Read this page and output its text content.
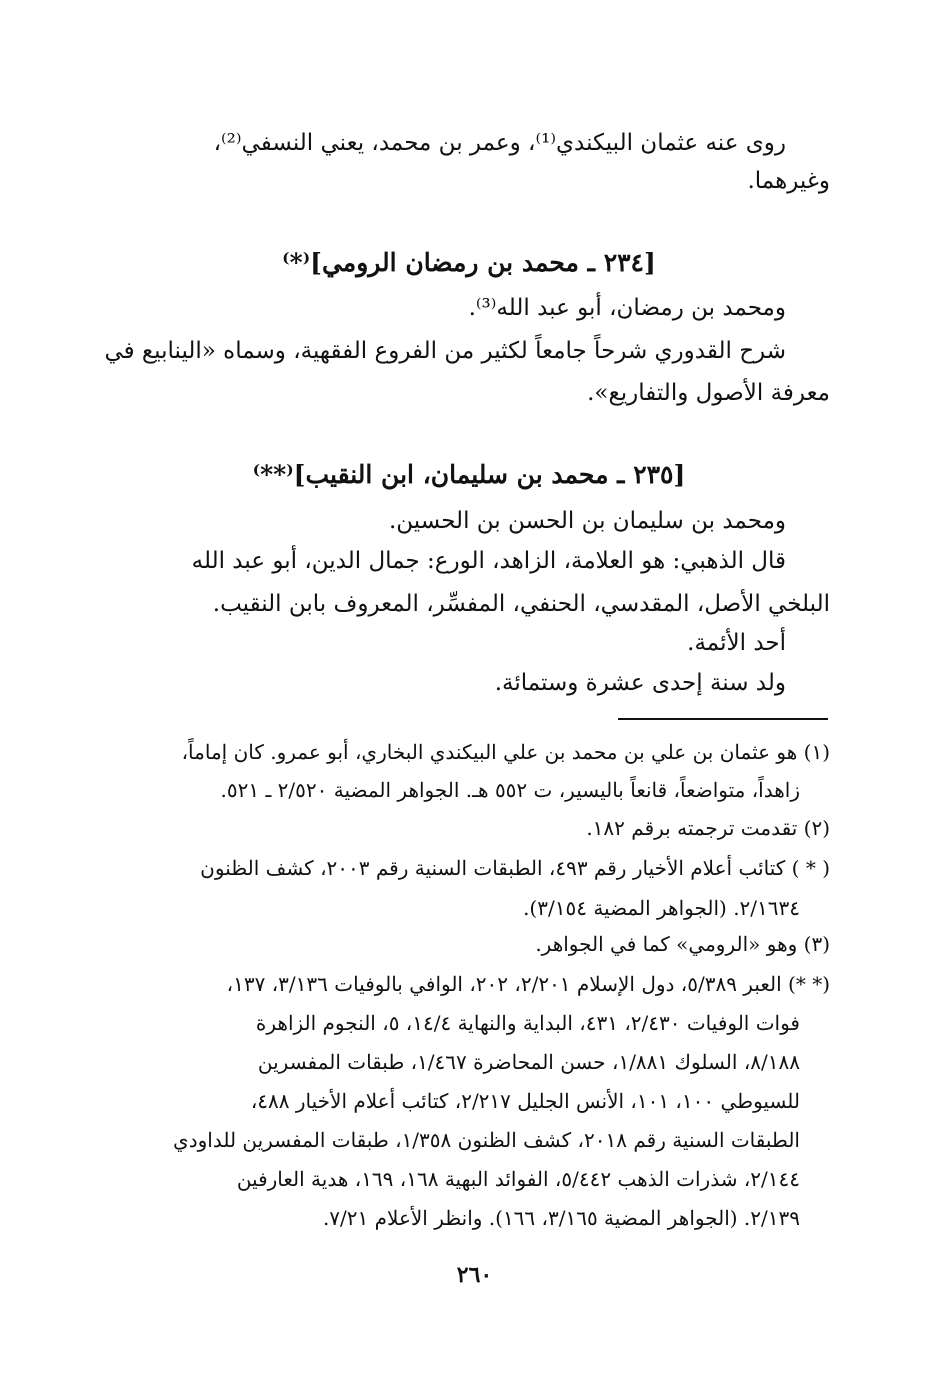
روى عنه عثمان البيكندي⁽¹⁾، وعمر بن محمد، يعني النسفي⁽²⁾،
وغيرهما.
[٢٣٤ ـ محمد بن رمضان الرومي]⁽*⁾
ومحمد بن رمضان، أبو عبد الله⁽³⁾.
شرح القدوري شرحاً جامعاً لكثير من الفروع الفقهية، وسماه «الينابيع في
معرفة الأصول والتفاريع».
[٢٣٥ ـ محمد بن سليمان، ابن النقيب]⁽**⁾
ومحمد بن سليمان بن الحسن بن الحسين.
قال الذهبي: هو العلامة، الزاهد، الورع: جمال الدين، أبو عبد الله
البلخي الأصل، المقدسي، الحنفي، المفسِّر، المعروف بابن النقيب.
أحد الأئمة.
ولد سنة إحدى عشرة وستمائة.
(١) هو عثمان بن علي بن محمد بن علي البيكندي البخاري، أبو عمرو. كان إماماً،
زاهداً، متواضعاً، قانعاً باليسير، ت ٥٥٢ هـ. الجواهر المضية ٢/٥٢٠ ـ ٥٢١.
(٢) تقدمت ترجمته برقم ١٨٢.
( * ) كتائب أعلام الأخيار رقم ٤٩٣، الطبقات السنية رقم ٢٠٠٣، كشف الظنون
٢/١٦٣٤. (الجواهر المضية ٣/١٥٤).
(٣) وهو «الرومي» كما في الجواهر.
(* *) العبر ٥/٣٨٩، دول الإسلام ٢/٢٠١، ٢٠٢، الوافي بالوفيات ٣/١٣٦، ١٣٧،
فوات الوفيات ٢/٤٣٠، ٤٣١، البداية والنهاية ١٤/٤، ٥، النجوم الزاهرة
٨/١٨٨، السلوك ١/٨٨١، حسن المحاضرة ١/٤٦٧، طبقات المفسرين
للسيوطي ١٠٠، ١٠١، الأنس الجليل ٢/٢١٧، كتائب أعلام الأخيار ٤٨٨،
الطبقات السنية رقم ٢٠١٨، كشف الظنون ١/٣٥٨، طبقات المفسرين للداودي
٢/١٤٤، شذرات الذهب ٥/٤٤٢، الفوائد البهية ١٦٨، ١٦٩، هدية العارفين
٢/١٣٩. (الجواهر المضية ٣/١٦٥، ١٦٦). وانظر الأعلام ٧/٢١.
٢٦٠
